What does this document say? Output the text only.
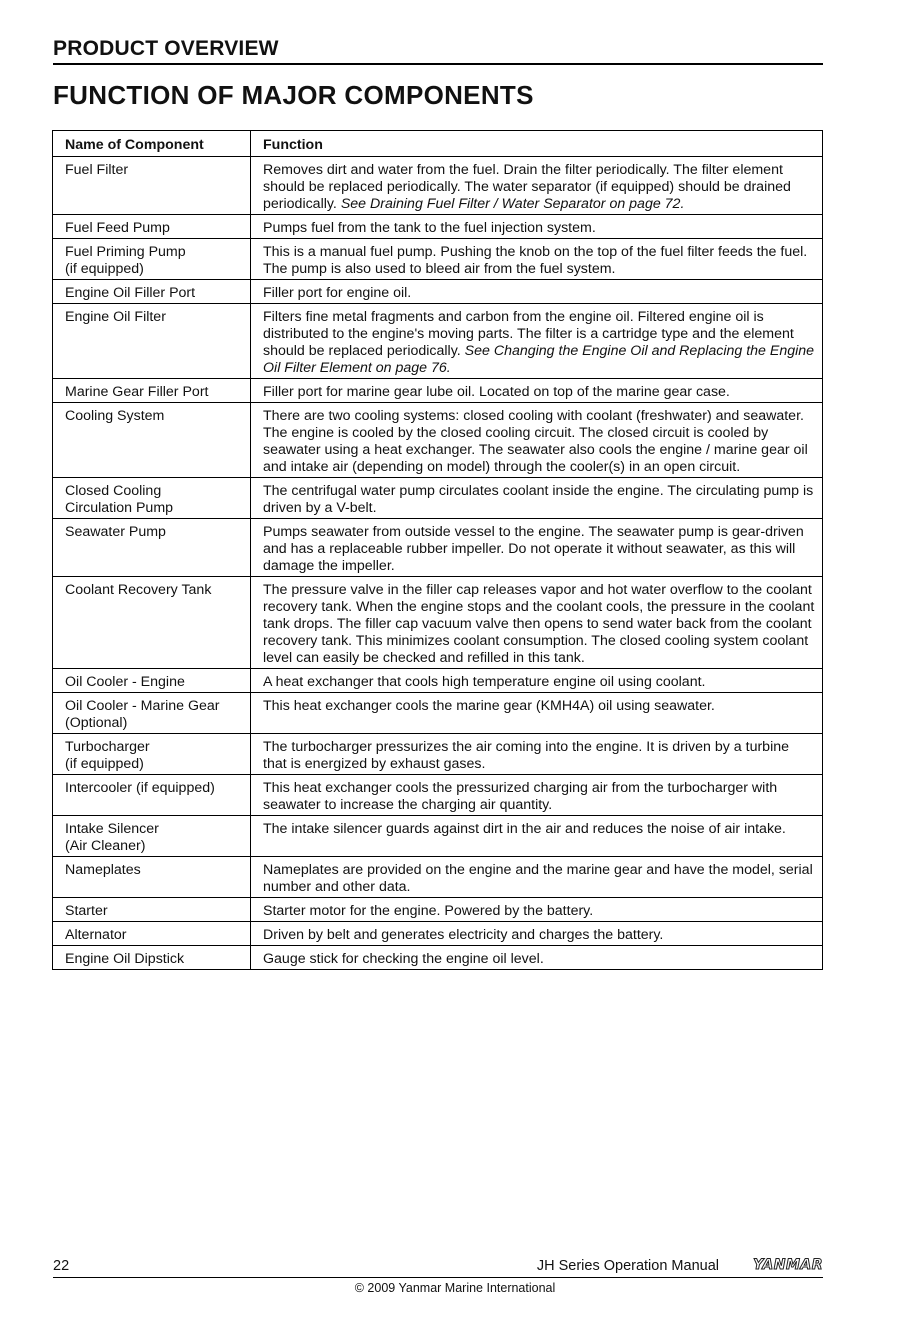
PRODUCT OVERVIEW
FUNCTION OF MAJOR COMPONENTS
Name of Component	Function

Fuel Filter	Removes dirt and water from the fuel. Drain the filter periodically. The filter element should be replaced periodically. The water separator (if equipped) should be drained periodically. See Draining Fuel Filter / Water Separator on page 72.

Fuel Feed Pump	Pumps fuel from the tank to the fuel injection system.

Fuel Priming Pump
(if equipped)	This is a manual fuel pump. Pushing the knob on the top of the fuel filter feeds the fuel. The pump is also used to bleed air from the fuel system.

Engine Oil Filler Port	Filler port for engine oil.

Engine Oil Filter	Filters fine metal fragments and carbon from the engine oil. Filtered engine oil is distributed to the engine's moving parts. The filter is a cartridge type and the element should be replaced periodically. See Changing the Engine Oil and Replacing the Engine Oil Filter Element on page 76.

Marine Gear Filler Port	Filler port for marine gear lube oil. Located on top of the marine gear case.

Cooling System	There are two cooling systems: closed cooling with coolant (freshwater) and seawater. The engine is cooled by the closed cooling circuit. The closed circuit is cooled by seawater using a heat exchanger. The seawater also cools the engine / marine gear oil and intake air (depending on model) through the cooler(s) in an open circuit.

Closed Cooling
Circulation Pump	The centrifugal water pump circulates coolant inside the engine. The circulating pump is driven by a V-belt.

Seawater Pump	Pumps seawater from outside vessel to the engine. The seawater pump is gear-driven and has a replaceable rubber impeller. Do not operate it without seawater, as this will damage the impeller.

Coolant Recovery Tank	The pressure valve in the filler cap releases vapor and hot water overflow to the coolant recovery tank. When the engine stops and the coolant cools, the pressure in the coolant tank drops. The filler cap vacuum valve then opens to send water back from the coolant recovery tank. This minimizes coolant consumption. The closed cooling system coolant level can easily be checked and refilled in this tank.

Oil Cooler - Engine	A heat exchanger that cools high temperature engine oil using coolant.

Oil Cooler - Marine Gear
(Optional)	This heat exchanger cools the marine gear (KMH4A) oil using seawater.

Turbocharger
(if equipped)	The turbocharger pressurizes the air coming into the engine. It is driven by a turbine that is energized by exhaust gases.

Intercooler (if equipped)	This heat exchanger cools the pressurized charging air from the turbocharger with seawater to increase the charging air quantity.

Intake Silencer
(Air Cleaner)	The intake silencer guards against dirt in the air and reduces the noise of air intake.

Nameplates	Nameplates are provided on the engine and the marine gear and have the model, serial number and other data.

Starter	Starter motor for the engine. Powered by the battery.

Alternator	Driven by belt and generates electricity and charges the battery.

Engine Oil Dipstick	Gauge stick for checking the engine oil level.
22	JH Series Operation Manual YANMAR
© 2009 Yanmar Marine International
